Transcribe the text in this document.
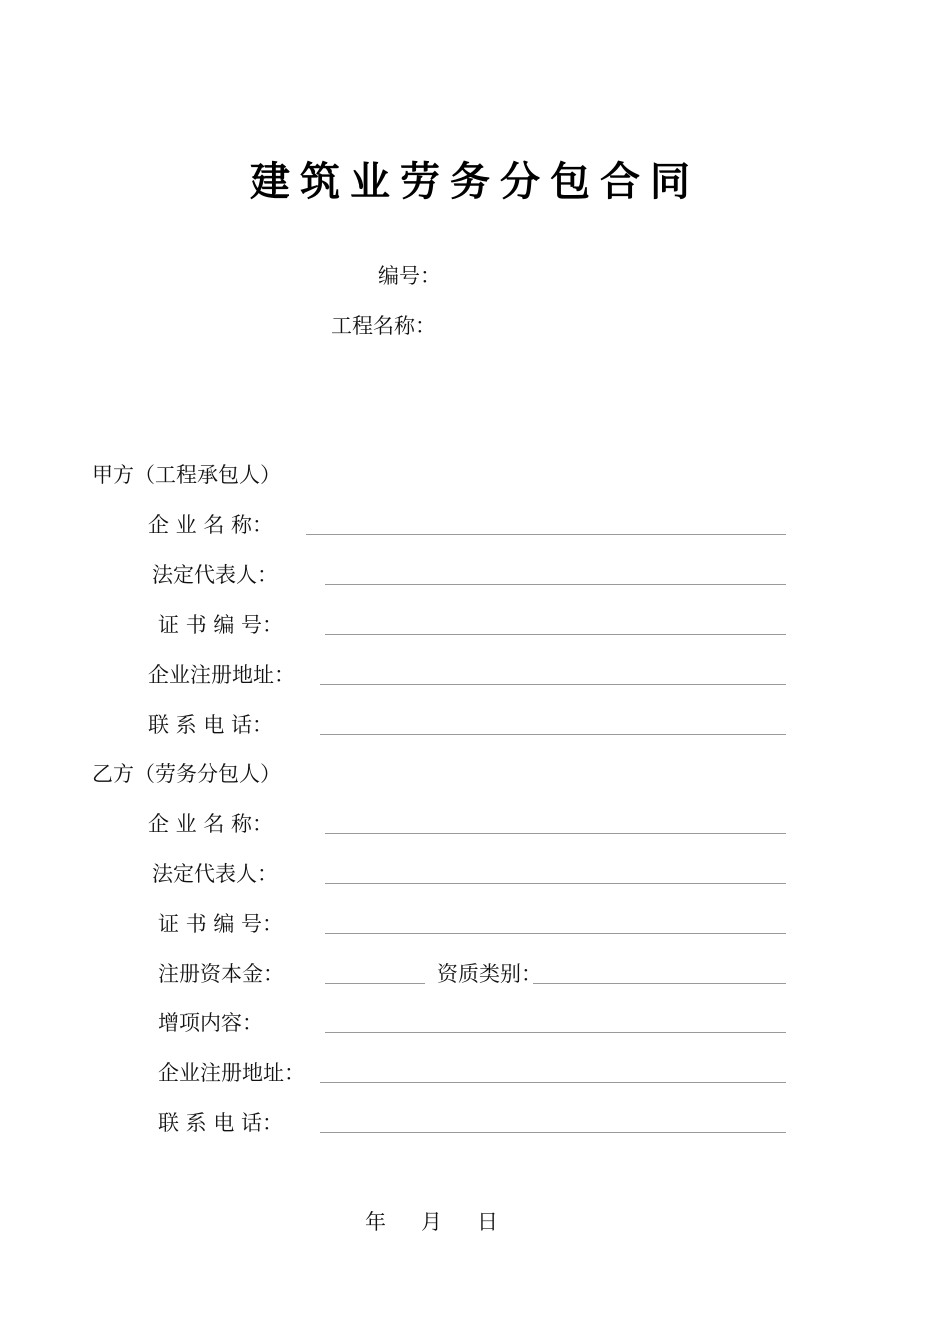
建筑业劳务分包合同
编号：
工程名称：
甲方（工程承包人）
企 业 名 称：
法定代表人：
证 书 编 号：
企业注册地址：
联 系 电 话：
乙方（劳务分包人）
企 业 名 称：
法定代表人：
证 书 编 号：
注册资本金：	资质类别：
增项内容：
企业注册地址：
联 系 电 话：
年 月 日
